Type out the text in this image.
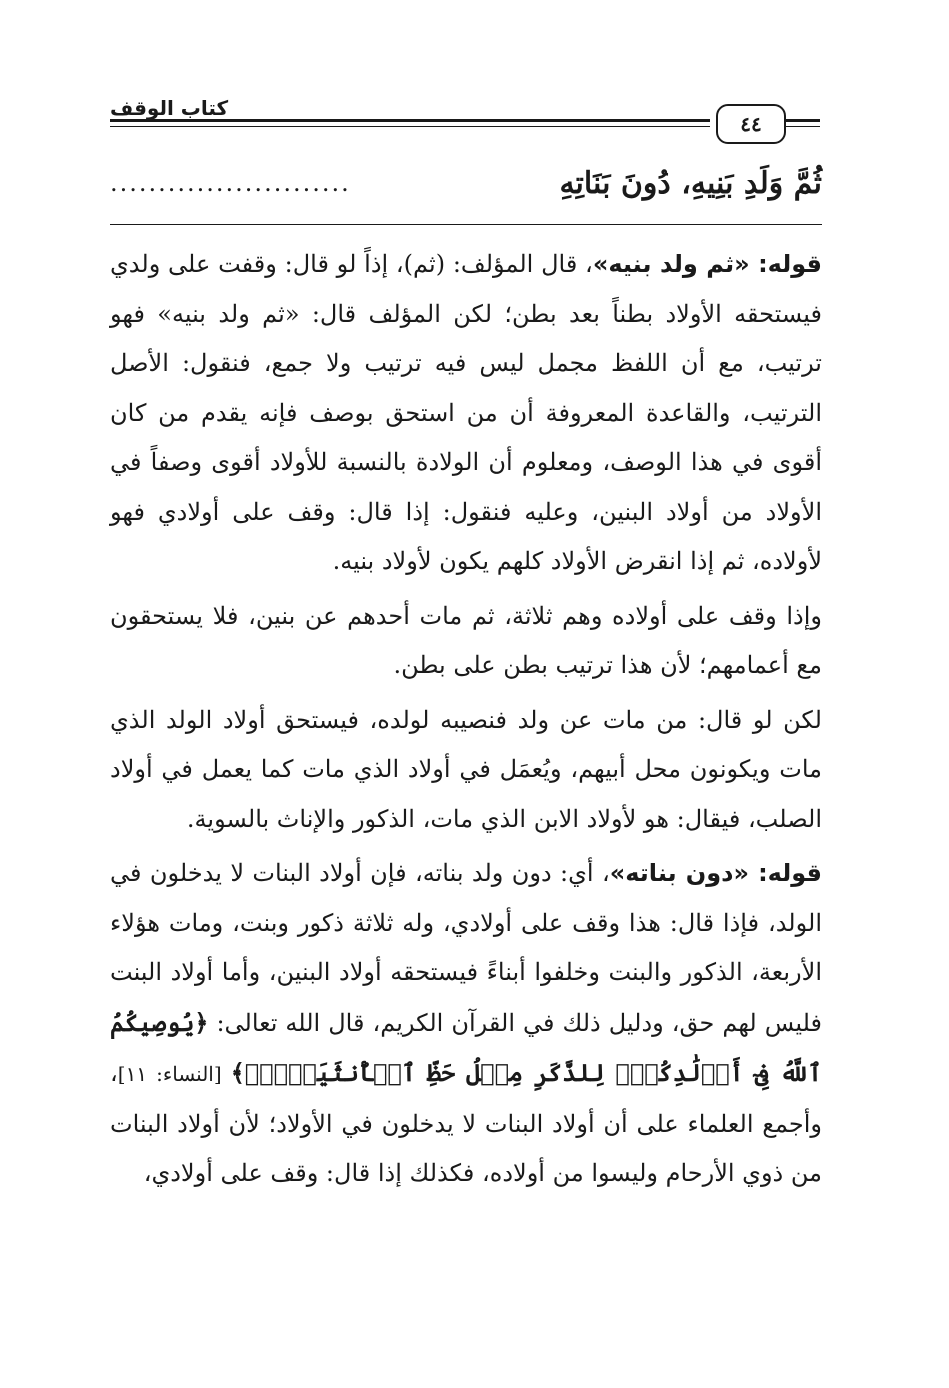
٤٤
كتاب الوقف
ثُمَّ وَلَدِ بَنِيهِ، دُونَ بَنَاتِهِ
.........................

قوله: «ثم ولد بنيه»، قال المؤلف: (ثم)، إذاً لو قال: وقفت على ولدي فيستحقه الأولاد بطناً بعد بطن؛ لكن المؤلف قال: «ثم ولد بنيه» فهو ترتيب، مع أن اللفظ مجمل ليس فيه ترتيب ولا جمع، فنقول: الأصل الترتيب، والقاعدة المعروفة أن من استحق بوصف فإنه يقدم من كان أقوى في هذا الوصف، ومعلوم أن الولادة بالنسبة للأولاد أقوى وصفاً في الأولاد من أولاد البنين، وعليه فنقول: إذا قال: وقف على أولادي فهو لأولاده، ثم إذا انقرض الأولاد كلهم يكون لأولاد بنيه.

وإذا وقف على أولاده وهم ثلاثة، ثم مات أحدهم عن بنين، فلا يستحقون مع أعمامهم؛ لأن هذا ترتيب بطن على بطن.

لكن لو قال: من مات عن ولد فنصيبه لولده، فيستحق أولاد الولد الذي مات ويكونون محل أبيهم، ويُعمَل في أولاد الذي مات كما يعمل في أولاد الصلب، فيقال: هو لأولاد الابن الذي مات، الذكور والإناث بالسوية.

قوله: «دون بناته»، أي: دون ولد بناته، فإن أولاد البنات لا يدخلون في الولد، فإذا قال: هذا وقف على أولادي، وله ثلاثة ذكور وبنت، ومات هؤلاء الأربعة، الذكور والبنت وخلفوا أبناءً فيستحقه أولاد البنين، وأما أولاد البنت فليس لهم حق، ودليل ذلك في القرآن الكريم، قال الله تعالى: ﴿يُوصِيكُمُ ٱللَّهُ فِىٓ أَوۡلَٰدِكُمۡۖ لِلذَّكَرِ مِثۡلُ حَظِّ ٱلۡأُنثَيَيۡنِۚ﴾ [النساء: ١١]، وأجمع العلماء على أن أولاد البنات لا يدخلون في الأولاد؛ لأن أولاد البنات من ذوي الأرحام وليسوا من أولاده، فكذلك إذا قال: وقف على أولادي،
